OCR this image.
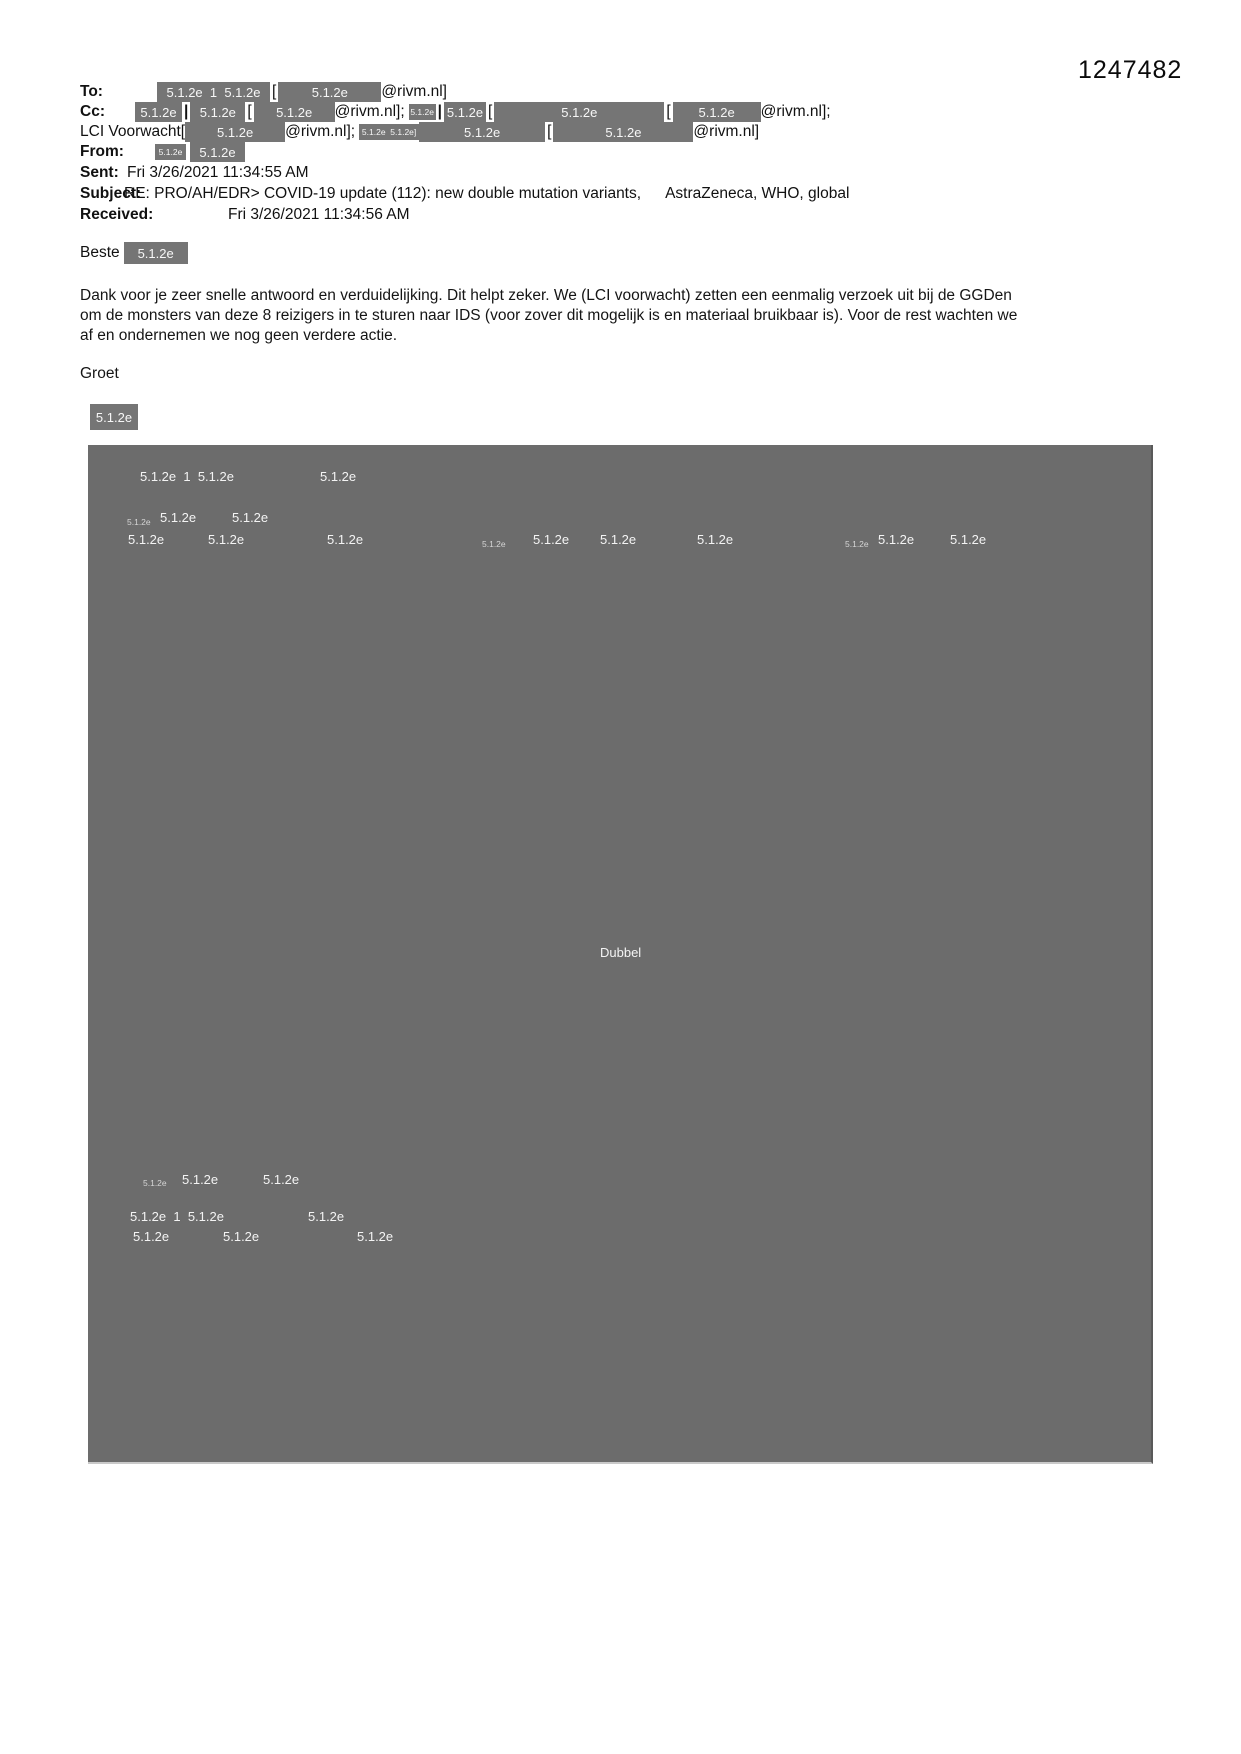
1247482
To:	5.1.2e  1  5.1.2e [	5.1.2e	@rivm.nl]
Cc:	5.1.2e | 5.1.2e [	5.1.2e	@rivm.nl]; 5.1.2e | 5.1.2e [	5.1.2e	[	5.1.2e	@rivm.nl];
LCI Voorwacht[	5.1.2e	@rivm.nl]; 5.1.2e  5.1.2e]	5.1.2e	[	5.1.2e	@rivm.nl]
From:	5.1.2e	5.1.2e
Sent: Fri 3/26/2021 11:34:55 AM
Subject:
RE: PRO/AH/EDR> COVID-19 update (112): new double mutation variants, AstraZeneca, WHO, global
Received:	Fri 3/26/2021 11:34:56 AM
Beste	5.1.2e
Dank voor je zeer snelle antwoord en verduidelijking. Dit helpt zeker. We (LCI voorwacht) zetten een eenmalig verzoek uit bij de GGDen
om de monsters van deze 8 reizigers in te sturen naar IDS (voor zover dit mogelijk is en materiaal bruikbaar is). Voor de rest wachten we
af en ondernemen we nog geen verdere actie.
Groet
5.1.2e
5.1.2e  1  5.1.2e	5.1.2e
5.1.2e 5.1.2e	5.1.2e
5.1.2e	5.1.2e	5.1.2e	5.1.2e 5.1.2e 5.1.2e	5.1.2e	5.1.2e 5.1.2e	5.1.2e
Dubbel
5.1.2e 5.1.2e	5.1.2e
5.1.2e  1  5.1.2e	5.1.2e
5.1.2e	5.1.2e	5.1.2e
